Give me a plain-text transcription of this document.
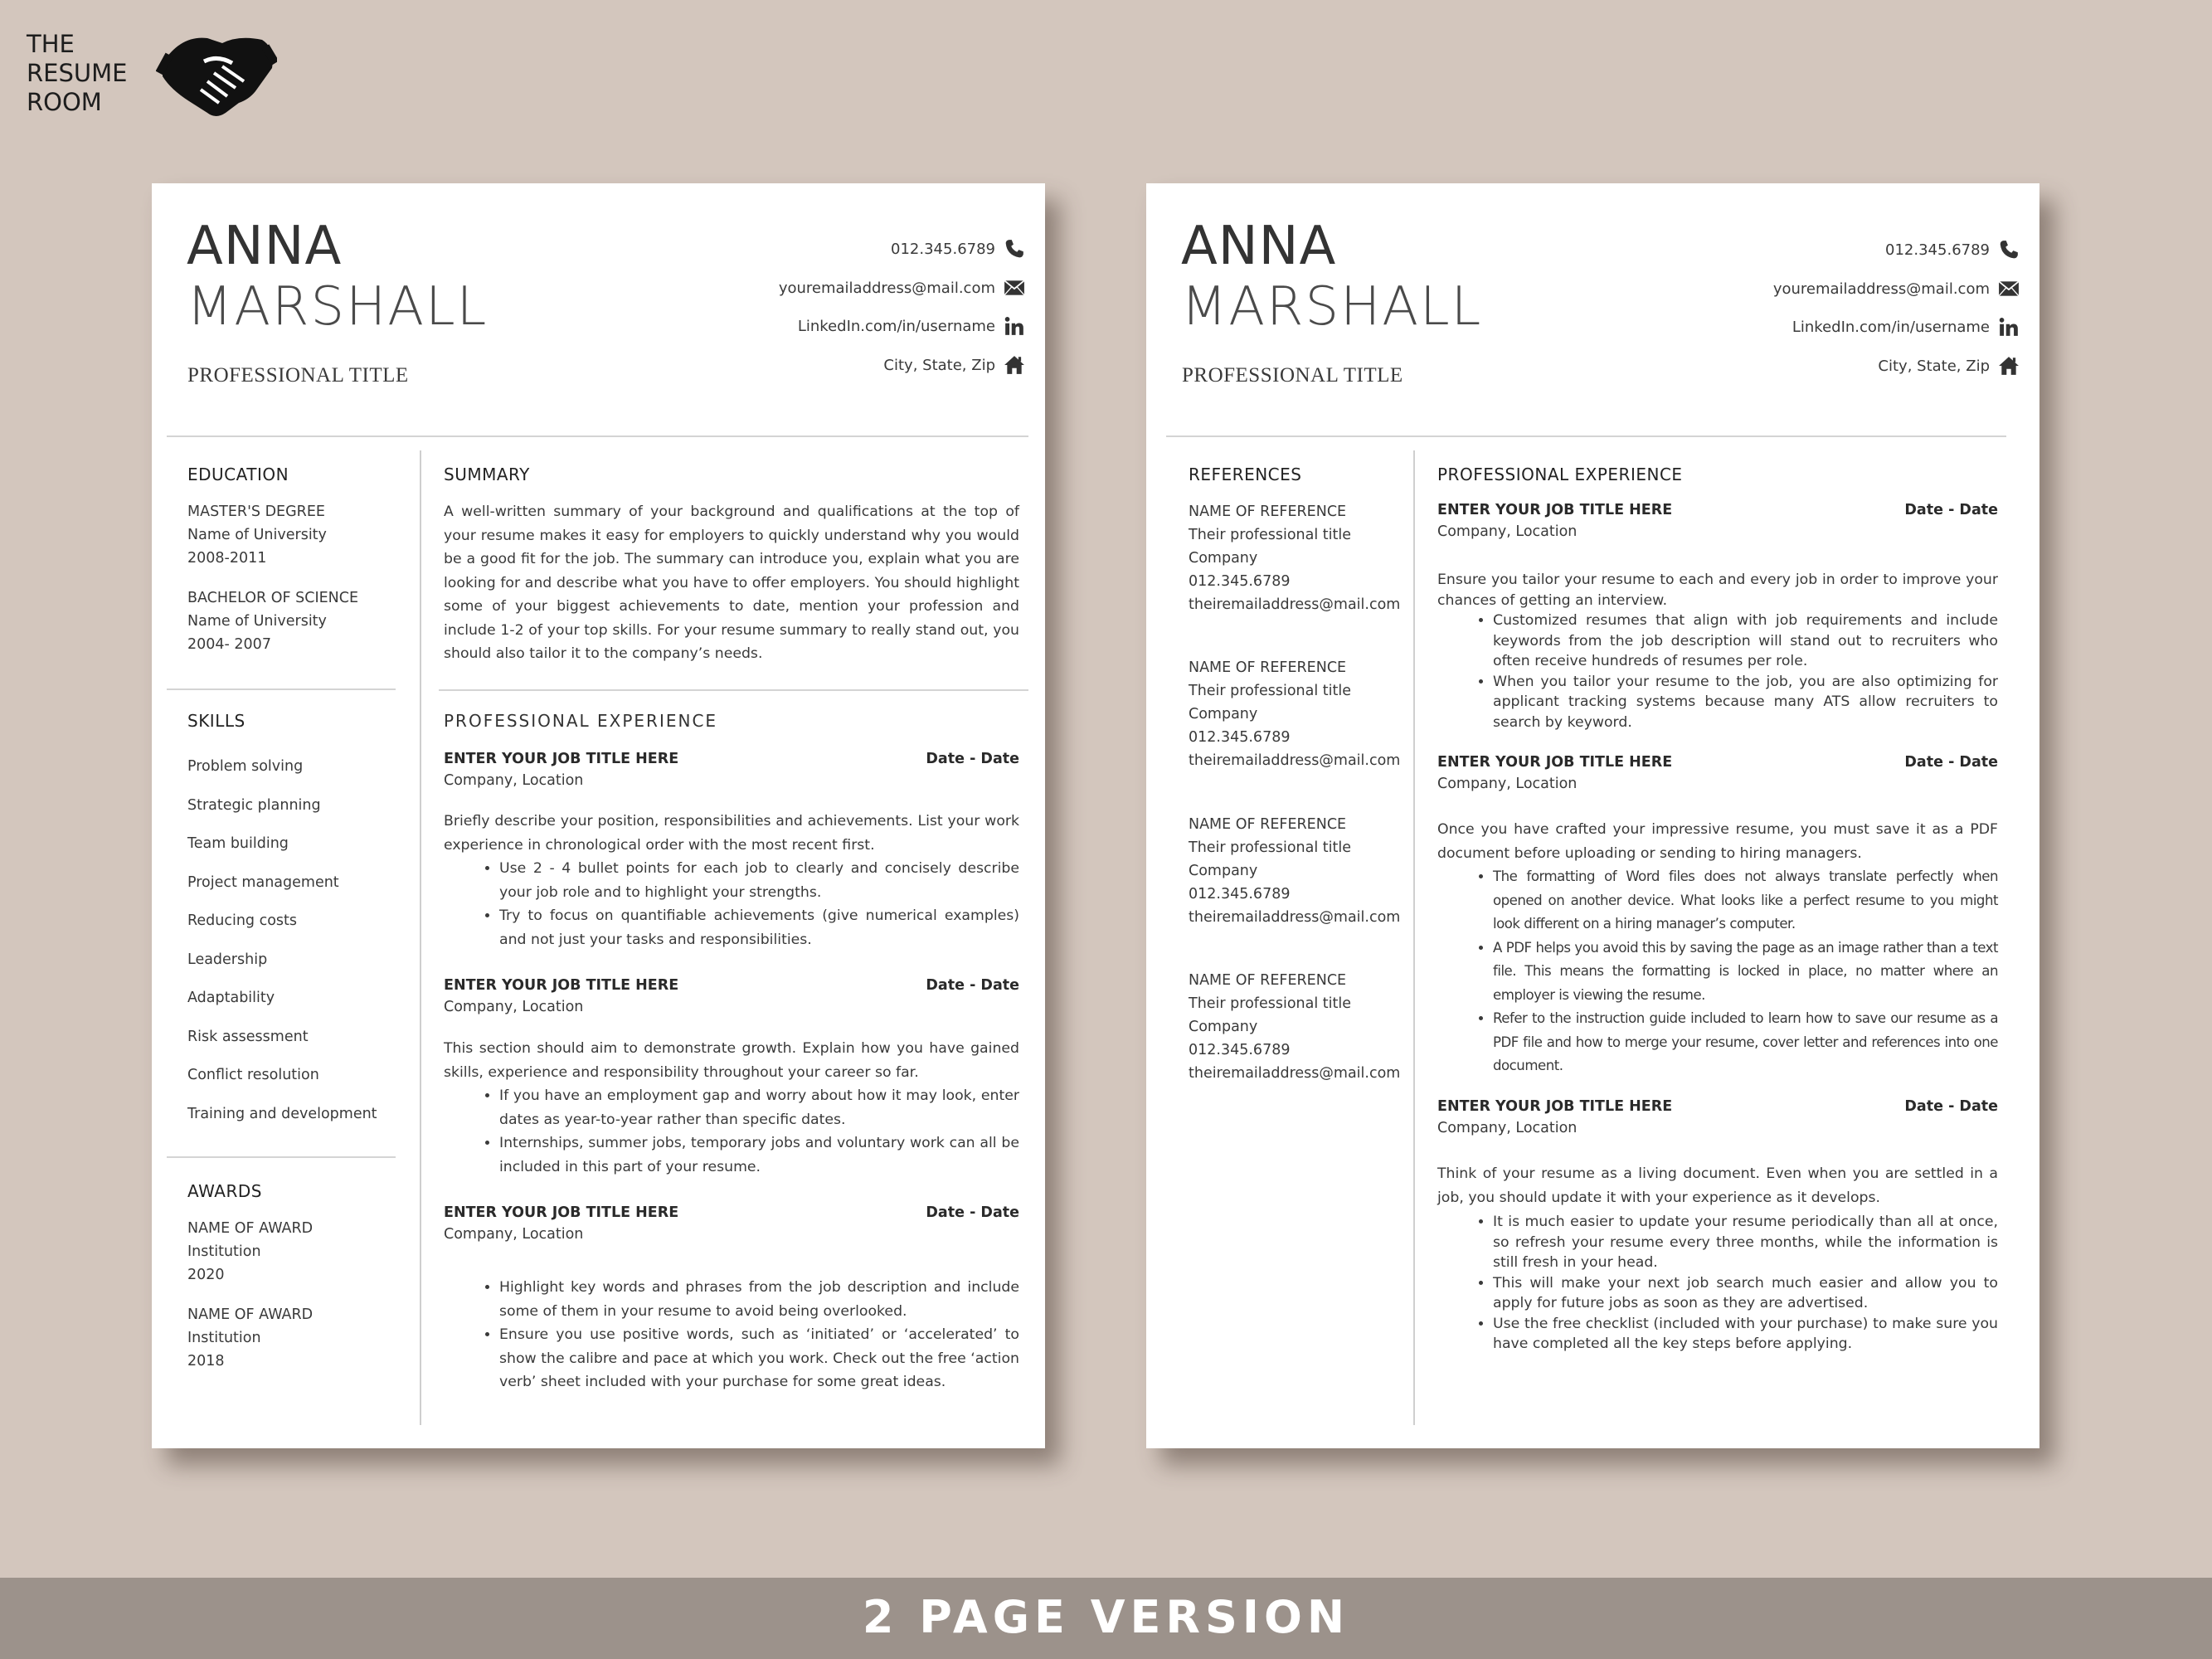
THE
RESUME
ROOM
ANNA
MARSHALL
PROFESSIONAL TITLE
012.345.6789
youremailaddress@mail.com
LinkedIn.com/in/username
City, State, Zip
EDUCATION
MASTER'S DEGREE
Name of University
2008-2011
BACHELOR OF SCIENCE
Name of University
2004- 2007
SKILLS
Problem solving
Strategic planning
Team building
Project management
Reducing costs
Leadership
Adaptability
Risk assessment
Conflict resolution
Training and development
AWARDS
NAME OF AWARD
Institution
2020
NAME OF AWARD
Institution
2018
SUMMARY
A well-written summary of your background and qualifications at the top of your resume makes it easy for employers to quickly understand why you would be a good fit for the job. The summary can introduce you, explain what you are looking for and describe what you have to offer employers. You should highlight some of your biggest achievements to date, mention your profession and include 1-2 of your top skills. For your resume summary to really stand out, you should also tailor it to the company’s needs.
PROFESSIONAL EXPERIENCE
ENTER YOUR JOB TITLE HERE	Date - Date
Company, Location
Briefly describe your position, responsibilities and achievements. List your work experience in chronological order with the most recent first.
• Use 2 - 4 bullet points for each job to clearly and concisely describe your job role and to highlight your strengths.
• Try to focus on quantifiable achievements (give numerical examples) and not just your tasks and responsibilities.
ENTER YOUR JOB TITLE HERE	Date - Date
Company, Location
This section should aim to demonstrate growth. Explain how you have gained skills, experience and responsibility throughout your career so far.
• If you have an employment gap and worry about how it may look, enter dates as year-to-year rather than specific dates.
• Internships, summer jobs, temporary jobs and voluntary work can all be included in this part of your resume.
ENTER YOUR JOB TITLE HERE	Date - Date
Company, Location
• Highlight key words and phrases from the job description and include some of them in your resume to avoid being overlooked.
• Ensure you use positive words, such as ‘initiated’ or ‘accelerated’ to show the calibre and pace at which you work. Check out the free ‘action verb’ sheet included with your purchase for some great ideas.
ANNA
MARSHALL
PROFESSIONAL TITLE
012.345.6789
youremailaddress@mail.com
LinkedIn.com/in/username
City, State, Zip
REFERENCES
NAME OF REFERENCE
Their professional title
Company
012.345.6789
theiremailaddress@mail.com
NAME OF REFERENCE
Their professional title
Company
012.345.6789
theiremailaddress@mail.com
NAME OF REFERENCE
Their professional title
Company
012.345.6789
theiremailaddress@mail.com
NAME OF REFERENCE
Their professional title
Company
012.345.6789
theiremailaddress@mail.com
PROFESSIONAL EXPERIENCE
ENTER YOUR JOB TITLE HERE	Date - Date
Company, Location
Ensure you tailor your resume to each and every job in order to improve your chances of getting an interview.
• Customized resumes that align with job requirements and include keywords from the job description will stand out to recruiters who often receive hundreds of resumes per role.
• When you tailor your resume to the job, you are also optimizing for applicant tracking systems because many ATS allow recruiters to search by keyword.
ENTER YOUR JOB TITLE HERE	Date - Date
Company, Location
Once you have crafted your impressive resume, you must save it as a PDF document before uploading or sending to hiring managers.
• The formatting of Word files does not always translate perfectly when opened on another device. What looks like a perfect resume to you might look different on a hiring manager’s computer.
• A PDF helps you avoid this by saving the page as an image rather than a text file. This means the formatting is locked in place, no matter where an employer is viewing the resume.
• Refer to the instruction guide included to learn how to save our resume as a PDF file and how to merge your resume, cover letter and references into one document.
ENTER YOUR JOB TITLE HERE	Date - Date
Company, Location
Think of your resume as a living document. Even when you are settled in a job, you should update it with your experience as it develops.
• It is much easier to update your resume periodically than all at once, so refresh your resume every three months, while the information is still fresh in your head.
• This will make your next job search much easier and allow you to apply for future jobs as soon as they are advertised.
• Use the free checklist (included with your purchase) to make sure you have completed all the key steps before applying.
2 PAGE VERSION
